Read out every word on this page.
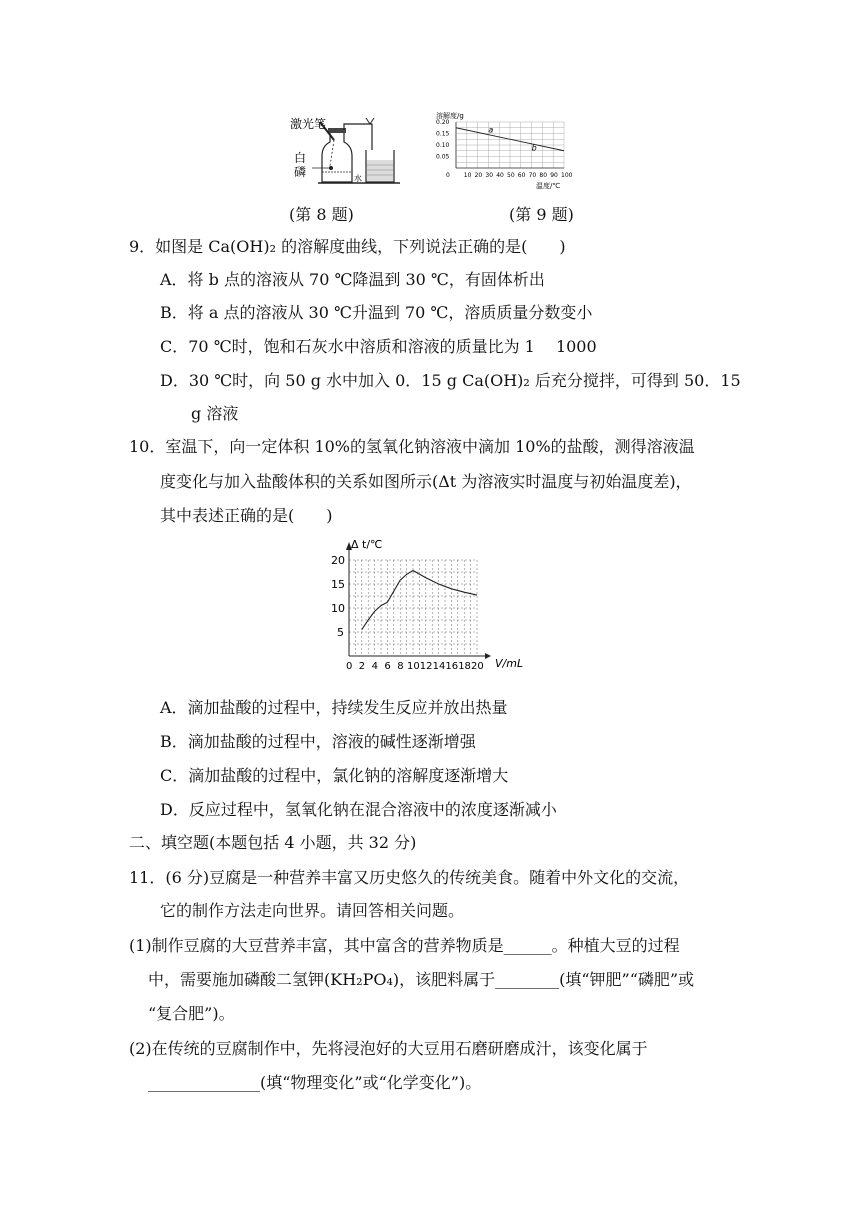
激光笔
白
磷	水
(第 8 题)
溶解度/g
温度/℃
0 10 20 30 40 50 60 70 80 90 100
0.20
0.15
0.10
0.05
a
b
(第 9 题)
9．如图是 Ca(OH)₂ 的溶解度曲线，下列说法正确的是(　　)
A．将 b 点的溶液从 70 ℃降温到 30 ℃，有固体析出
B．将 a 点的溶液从 30 ℃升温到 70 ℃，溶质质量分数变小
C．70 ℃时，饱和石灰水中溶质和溶液的质量比为 1 　1000
D．30 ℃时，向 50 g 水中加入 0．15 g Ca(OH)₂ 后充分搅拌，可得到 50．15
g 溶液
10．室温下，向一定体积 10%的氢氧化钠溶液中滴加 10%的盐酸，测得溶液温
度变化与加入盐酸体积的关系如图所示(Δt 为溶液实时温度与初始温度差)，
其中表述正确的是(　　)
Δ t/℃
V/mL
0 2 4 6 8 10 12 14 16 18 20
5
10
15
20
A．滴加盐酸的过程中，持续发生反应并放出热量
B．滴加盐酸的过程中，溶液的碱性逐渐增强
C．滴加盐酸的过程中，氯化钠的溶解度逐渐增大
D．反应过程中，氢氧化钠在混合溶液中的浓度逐渐减小
二、填空题(本题包括 4 小题，共 32 分)
11．(6 分)豆腐是一种营养丰富又历史悠久的传统美食。随着中外文化的交流，
它的制作方法走向世界。请回答相关问题。
(1)制作豆腐的大豆营养丰富，其中富含的营养物质是______。种植大豆的过程
中，需要施加磷酸二氢钾(KH₂PO₄)，该肥料属于________(填“钾肥”“磷肥”或
“复合肥”)。
(2)在传统的豆腐制作中，先将浸泡好的大豆用石磨研磨成汁，该变化属于
______________(填“物理变化”或“化学变化”)。
